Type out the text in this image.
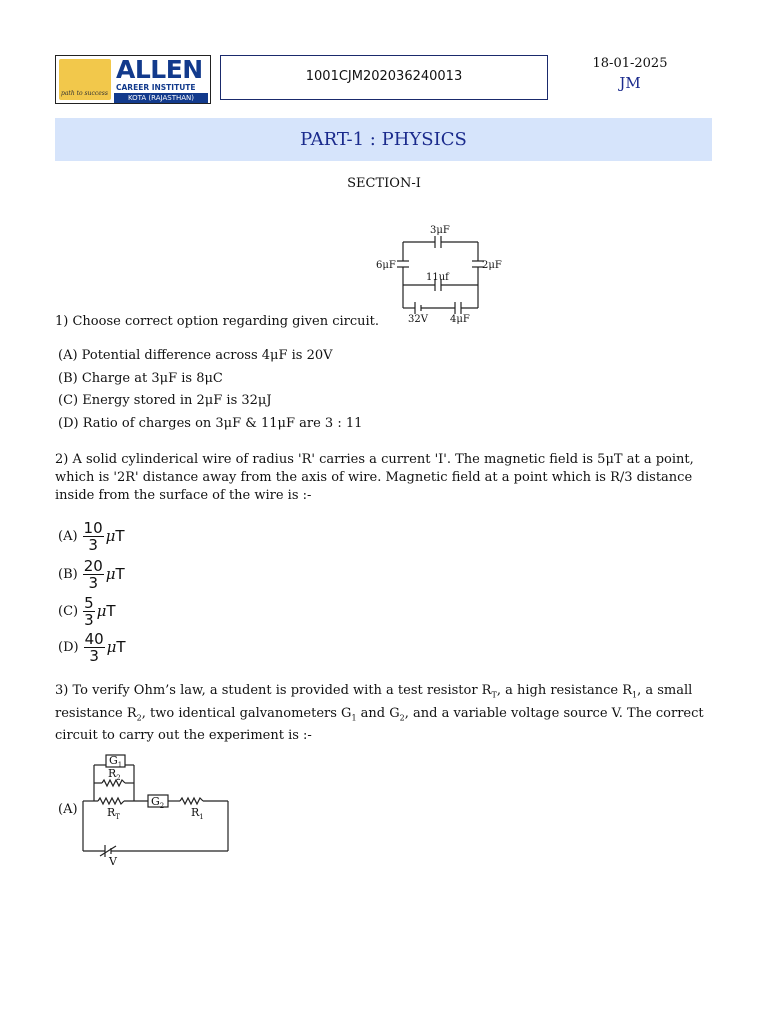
ALLEN
CAREER INSTITUTE
KOTA (RAJASTHAN)
path to success
1001CJM202036240013
18-01-2025
JM
PART-1 : PHYSICS
SECTION-I
3μF
6μF	2μF
11uf
32V 4μF
1) Choose correct option regarding given circuit.
(A) Potential difference across 4μF is 20V
(B) Charge at 3μF is 8μC
(C) Energy stored in 2μF is 32μJ
(D) Ratio of charges on 3μF & 11μF are 3 : 11
2) A solid cylinderical wire of radius 'R' carries a current 'I'. The magnetic field is 5μT at a point,
which is '2R' distance away from the axis of wire. Magnetic field at a point which is R/3 distance
inside from the surface of the wire is :-
$(A) \frac{10}{3}$ μT
$(B) \frac{20}{3}$ μT
$(C) \frac{5}{3}$ μT
$(D) \frac{40}{3}$ μT
3) To verify Ohm’s law, a student is provided with a test resistor $R_T$, a high resistance $R_1$, a small
resistance $R_2$, two identical galvanometers $G_1$ and $G_2$, and a variable voltage source V. The correct
circuit to carry out the experiment is :-
(A)
$G_1$
$R_2$
$G_2$
$R_T$	$R_1$
V
